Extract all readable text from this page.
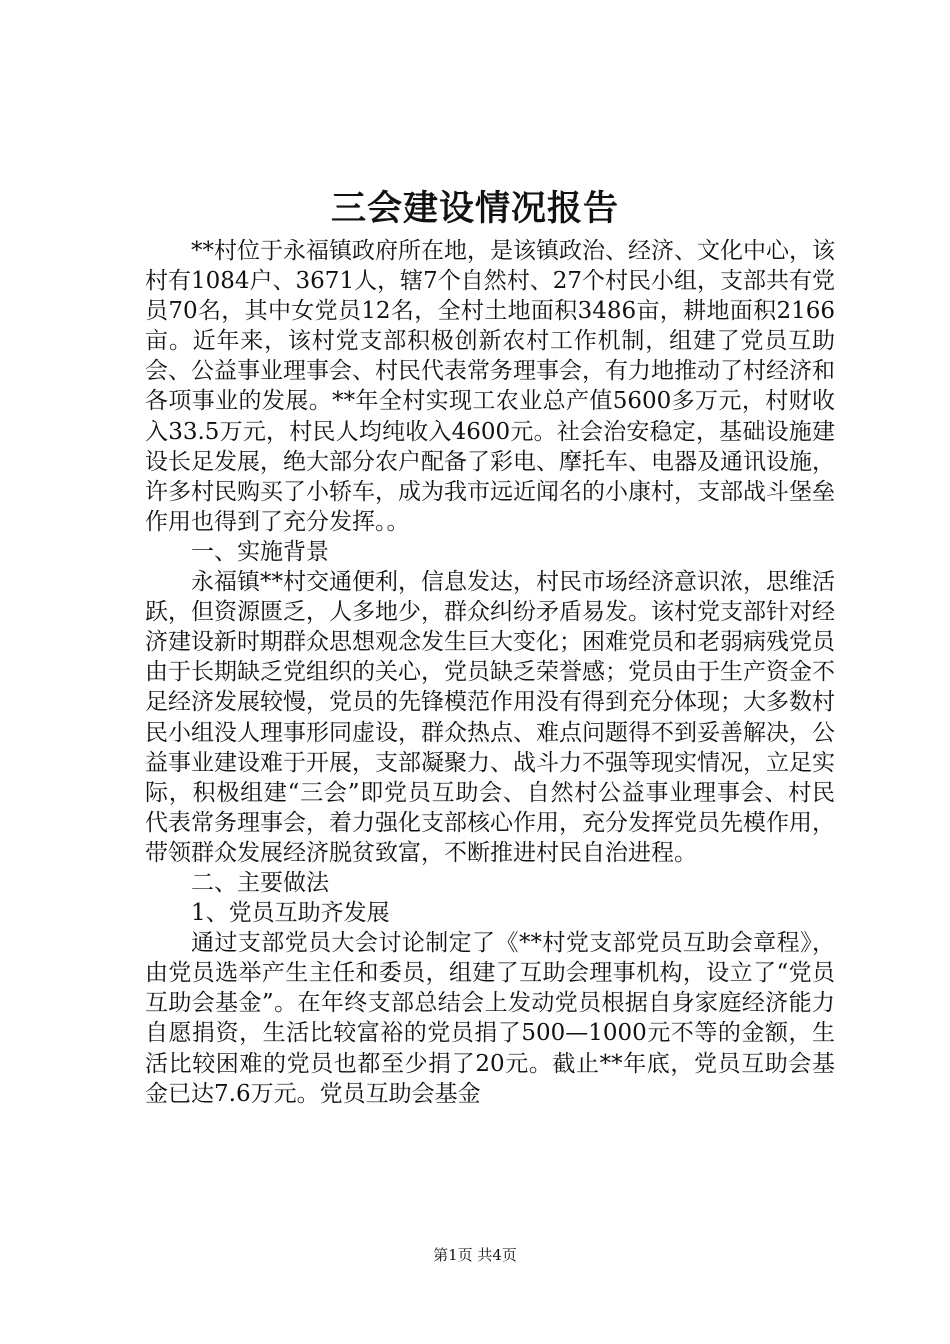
三会建设情况报告

**村位于永福镇政府所在地，是该镇政治、经济、文化中心，该村有1084户、3671人，辖7个自然村、27个村民小组，支部共有党员70名，其中女党员12名，全村土地面积3486亩，耕地面积2166亩。近年来，该村党支部积极创新农村工作机制，组建了党员互助会、公益事业理事会、村民代表常务理事会，有力地推动了村经济和各项事业的发展。**年全村实现工农业总产值5600多万元，村财收入33.5万元，村民人均纯收入4600元。社会治安稳定，基础设施建设长足发展，绝大部分农户配备了彩电、摩托车、电器及通讯设施，许多村民购买了小轿车，成为我市远近闻名的小康村，支部战斗堡垒作用也得到了充分发挥。。

一、实施背景

永福镇**村交通便利，信息发达，村民市场经济意识浓，思维活跃，但资源匮乏，人多地少，群众纠纷矛盾易发。该村党支部针对经济建设新时期群众思想观念发生巨大变化；困难党员和老弱病残党员由于长期缺乏党组织的关心，党员缺乏荣誉感；党员由于生产资金不足经济发展较慢，党员的先锋模范作用没有得到充分体现；大多数村民小组没人理事形同虚设，群众热点、难点问题得不到妥善解决，公益事业建设难于开展，支部凝聚力、战斗力不强等现实情况，立足实际，积极组建“三会”即党员互助会、自然村公益事业理事会、村民代表常务理事会，着力强化支部核心作用，充分发挥党员先模作用，带领群众发展经济脱贫致富，不断推进村民自治进程。

二、主要做法

1、党员互助齐发展

通过支部党员大会讨论制定了《**村党支部党员互助会章程》，由党员选举产生主任和委员，组建了互助会理事机构，设立了“党员互助会基金”。在年终支部总结会上发动党员根据自身家庭经济能力自愿捐资，生活比较富裕的党员捐了500—1000元不等的金额，生活比较困难的党员也都至少捐了20元。截止**年底，党员互助会基金已达7.6万元。党员互助会基金

第1页 共4页
